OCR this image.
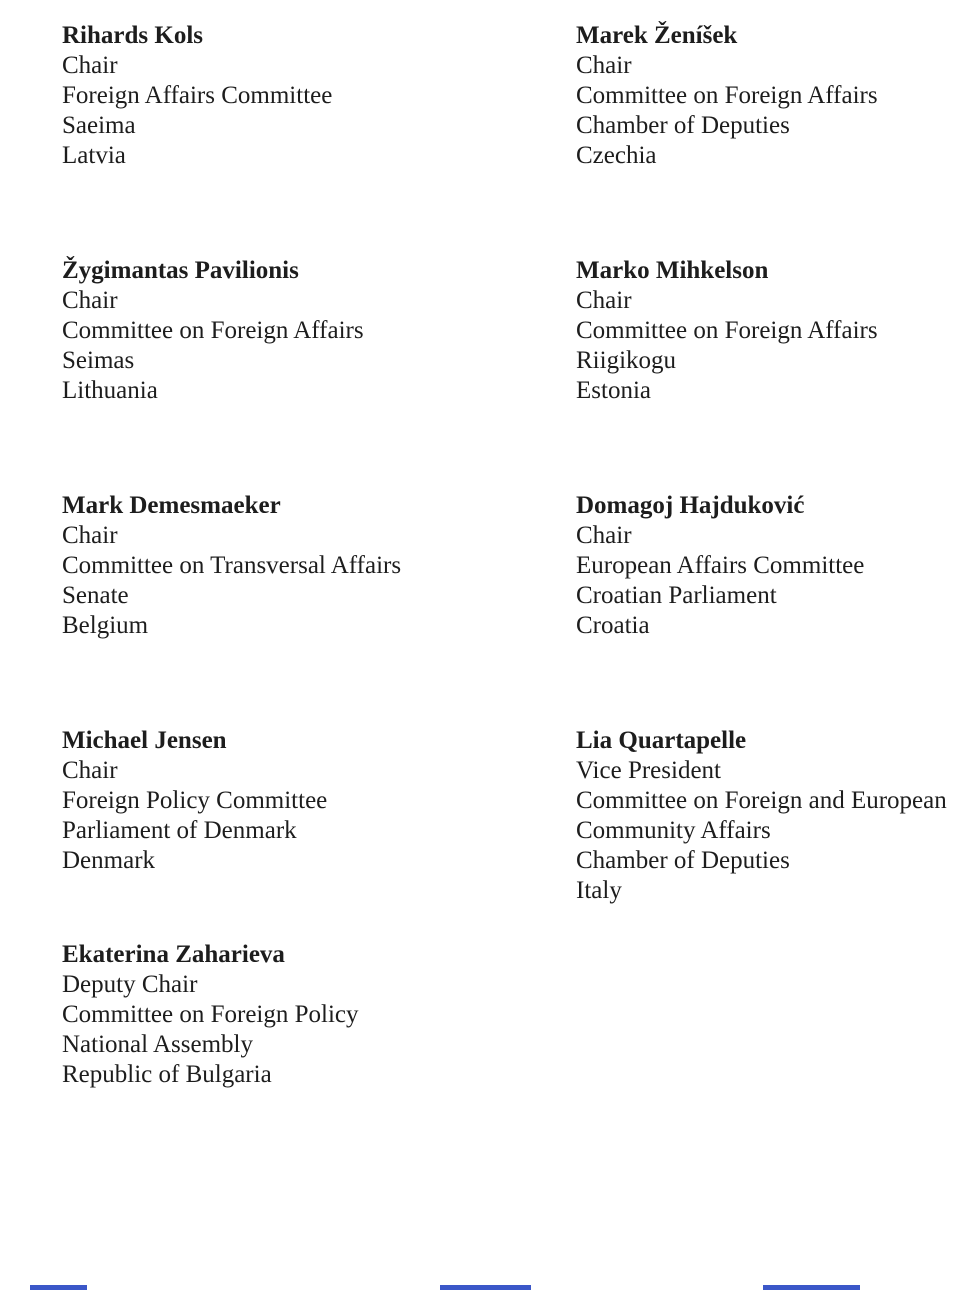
Rihards Kols
Chair
Foreign Affairs Committee
Saeima
Latvia
Žygimantas Pavilionis
Chair
Committee on Foreign Affairs
Seimas
Lithuania
Mark Demesmaeker
Chair
Committee on Transversal Affairs
Senate
Belgium
Michael Jensen
Chair
Foreign Policy Committee
Parliament of Denmark
Denmark
Ekaterina Zaharieva
Deputy Chair
Committee on Foreign Policy
National Assembly
Republic of Bulgaria
Marek Ženíšek
Chair
Committee on Foreign Affairs
Chamber of Deputies
Czechia
Marko Mihkelson
Chair
Committee on Foreign Affairs
Riigikogu
Estonia
Domagoj Hajduković
Chair
European Affairs Committee
Croatian Parliament
Croatia
Lia Quartapelle
Vice President
Committee on Foreign and European Community Affairs
Chamber of Deputies
Italy
